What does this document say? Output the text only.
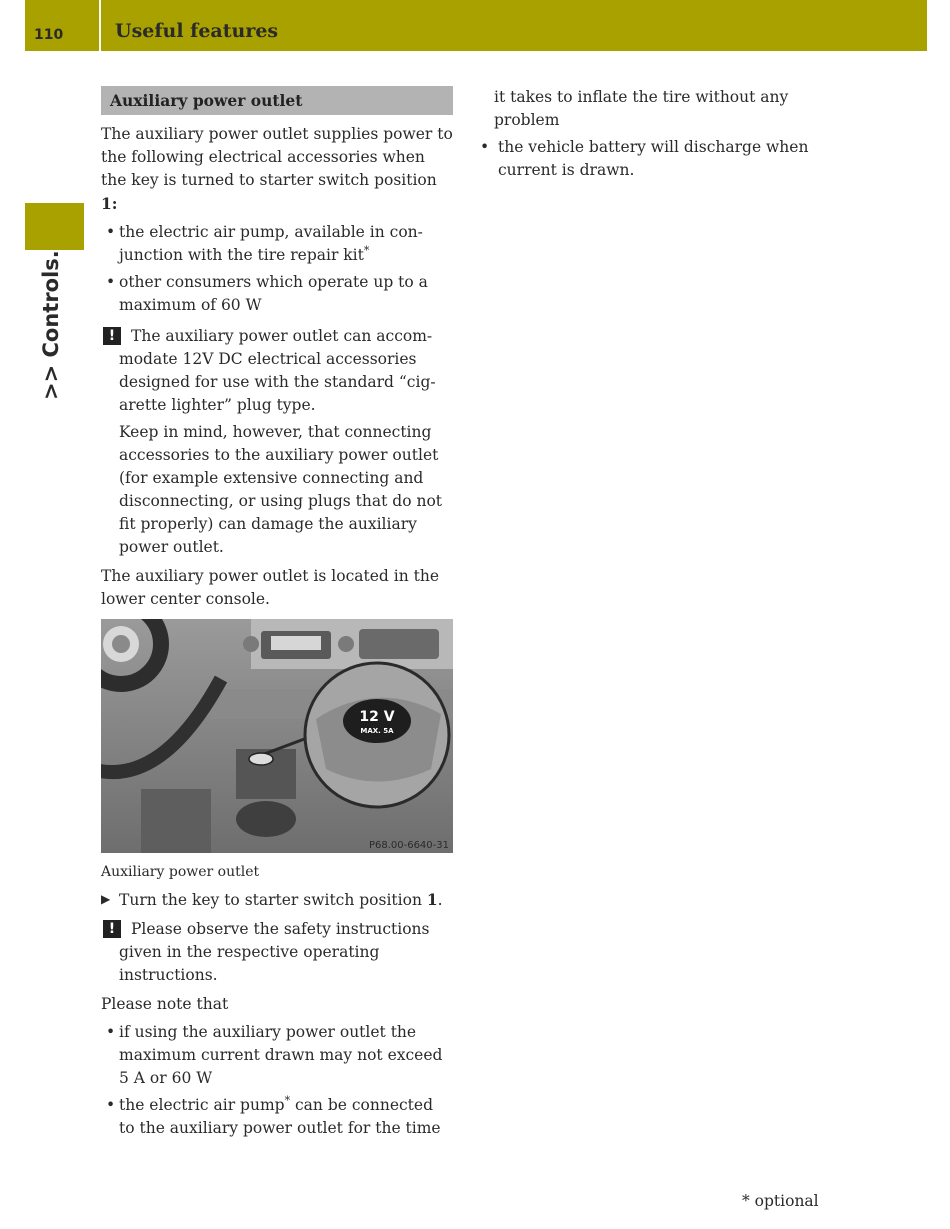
110	Useful features
>> Controls.
Auxiliary power outlet

The auxiliary power outlet supplies power to the following electrical accessories when the key is turned to starter switch position 1:

• the electric air pump, available in con-junction with the tire repair kit*
• other consumers which operate up to a maximum of 60 W
!	The auxiliary power outlet can accom-modate 12V DC electrical accessories designed for use with the standard “cig-arette lighter” plug type.

Keep in mind, however, that connecting accessories to the auxiliary power outlet (for example extensive connecting and disconnecting, or using plugs that do not fit properly) can damage the auxiliary power outlet.

The auxiliary power outlet is located in the lower center console.

12 V
MAX. 5A
P68.00-6640-31

Auxiliary power outlet

▶ Turn the key to starter switch position 1.
!	Please observe the safety instructions given in the respective operating instructions.

Please note that

• if using the auxiliary power outlet the maximum current drawn may not exceed 5 A or 60 W
• the electric air pump* can be connected to the auxiliary power outlet for the time

it takes to inflate the tire without any problem

• the vehicle battery will discharge when current is drawn.
* optional
